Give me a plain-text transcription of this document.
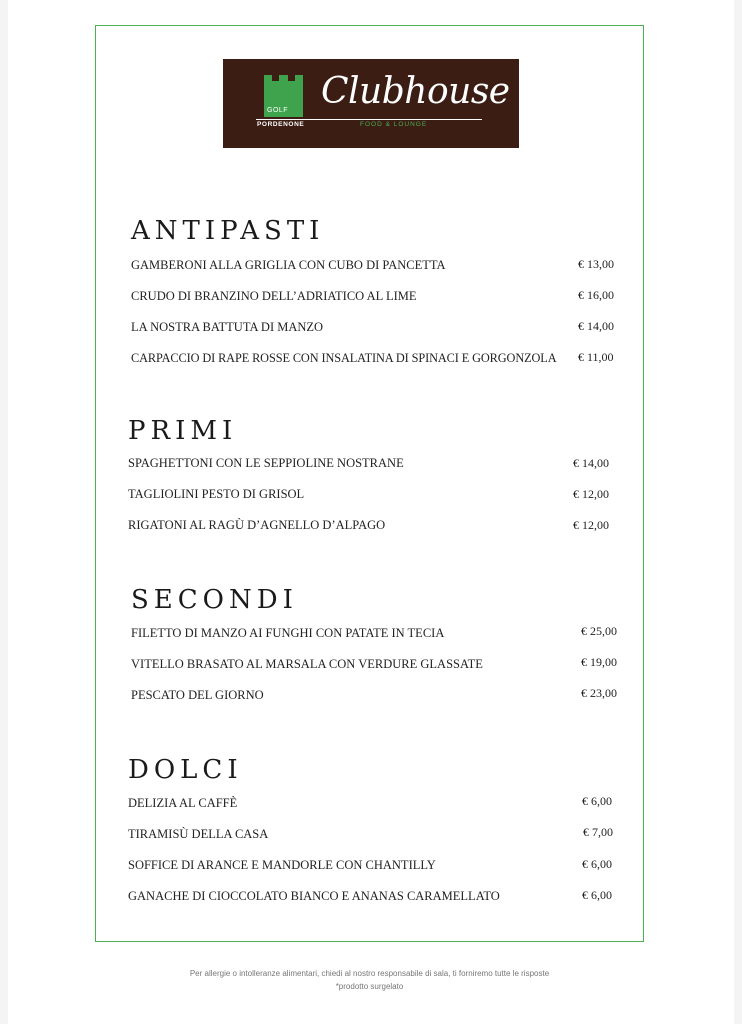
GOLF
PORDENONE
Clubhouse
FOOD & LOUNGE
ANTIPASTI
GAMBERONI ALLA GRIGLIA CON CUBO DI PANCETTA	€ 13,00
CRUDO DI BRANZINO DELL’ADRIATICO AL LIME	€ 16,00
LA NOSTRA BATTUTA DI MANZO	€ 14,00
CARPACCIO DI RAPE ROSSE CON INSALATINA DI SPINACI E GORGONZOLA € 11,00
PRIMI
SPAGHETTONI CON LE SEPPIOLINE NOSTRANE	€ 14,00
TAGLIOLINI PESTO DI GRISOL	€ 12,00
RIGATONI AL RAGÙ D’AGNELLO D’ALPAGO	€ 12,00
SECONDI
FILETTO DI MANZO AI FUNGHI CON PATATE IN TECIA	€ 25,00
VITELLO BRASATO AL MARSALA CON VERDURE GLASSATE	€ 19,00
PESCATO DEL GIORNO	€ 23,00
DOLCI
DELIZIA AL CAFFÈ	€ 6,00
TIRAMISÙ DELLA CASA	€ 7,00
SOFFICE DI ARANCE E MANDORLE CON CHANTILLY	€ 6,00
GANACHE DI CIOCCOLATO BIANCO E ANANAS CARAMELLATO	€ 6,00
Per allergie o intolleranze alimentari, chiedi al nostro responsabile di sala, ti forniremo tutte le risposte
*prodotto surgelato
